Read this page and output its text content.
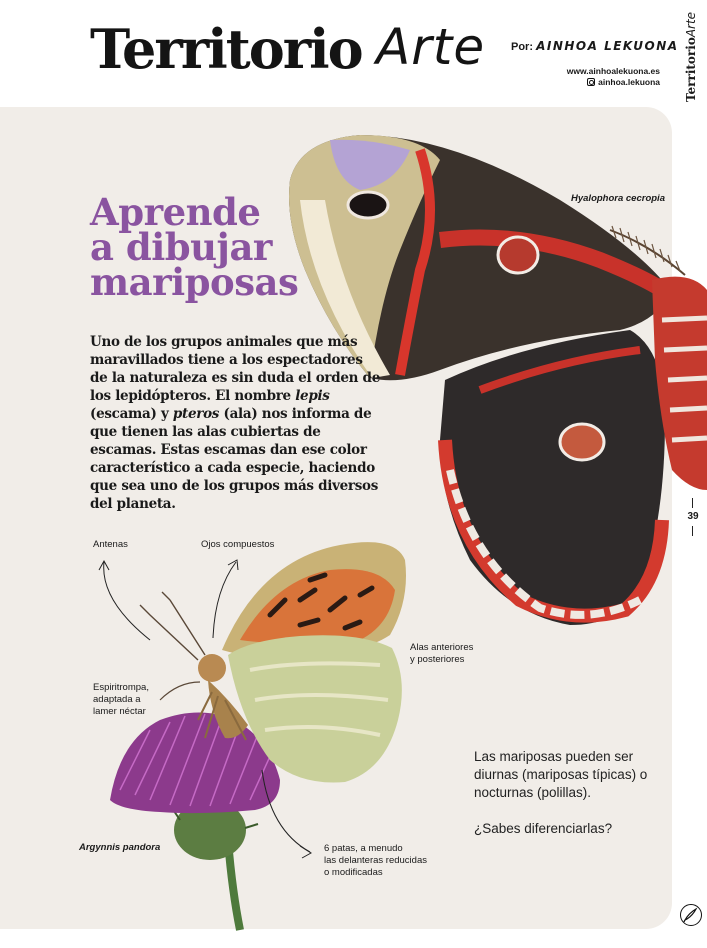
Territorio Arte Por: AINHOA LEKUONA
www.ainhoalekuona.es
ainhoa.lekuona TerritorioArte
39
Aprende
a dibujar
mariposas
Uno de los grupos animales que más maravillados tiene a los espectadores de la naturaleza es sin duda el orden de los lepidópteros. El nombre lepis (escama) y pteros (ala) nos informa de que tienen las alas cubiertas de escamas. Estas escamas dan ese color característico a cada especie, haciendo que sea uno de los grupos más diversos del planeta.
Hyalophora cecropia
Argynnis pandora
Antenas	Ojos compuestos
Alas anteriores
y posteriores
Espiritrompa,
adaptada a
lamer néctar
6 patas, a menudo
las delanteras reducidas
o modificadas

Las mariposas pueden ser diurnas (mariposas típicas) o nocturnas (polillas).

¿Sabes diferenciarlas?
